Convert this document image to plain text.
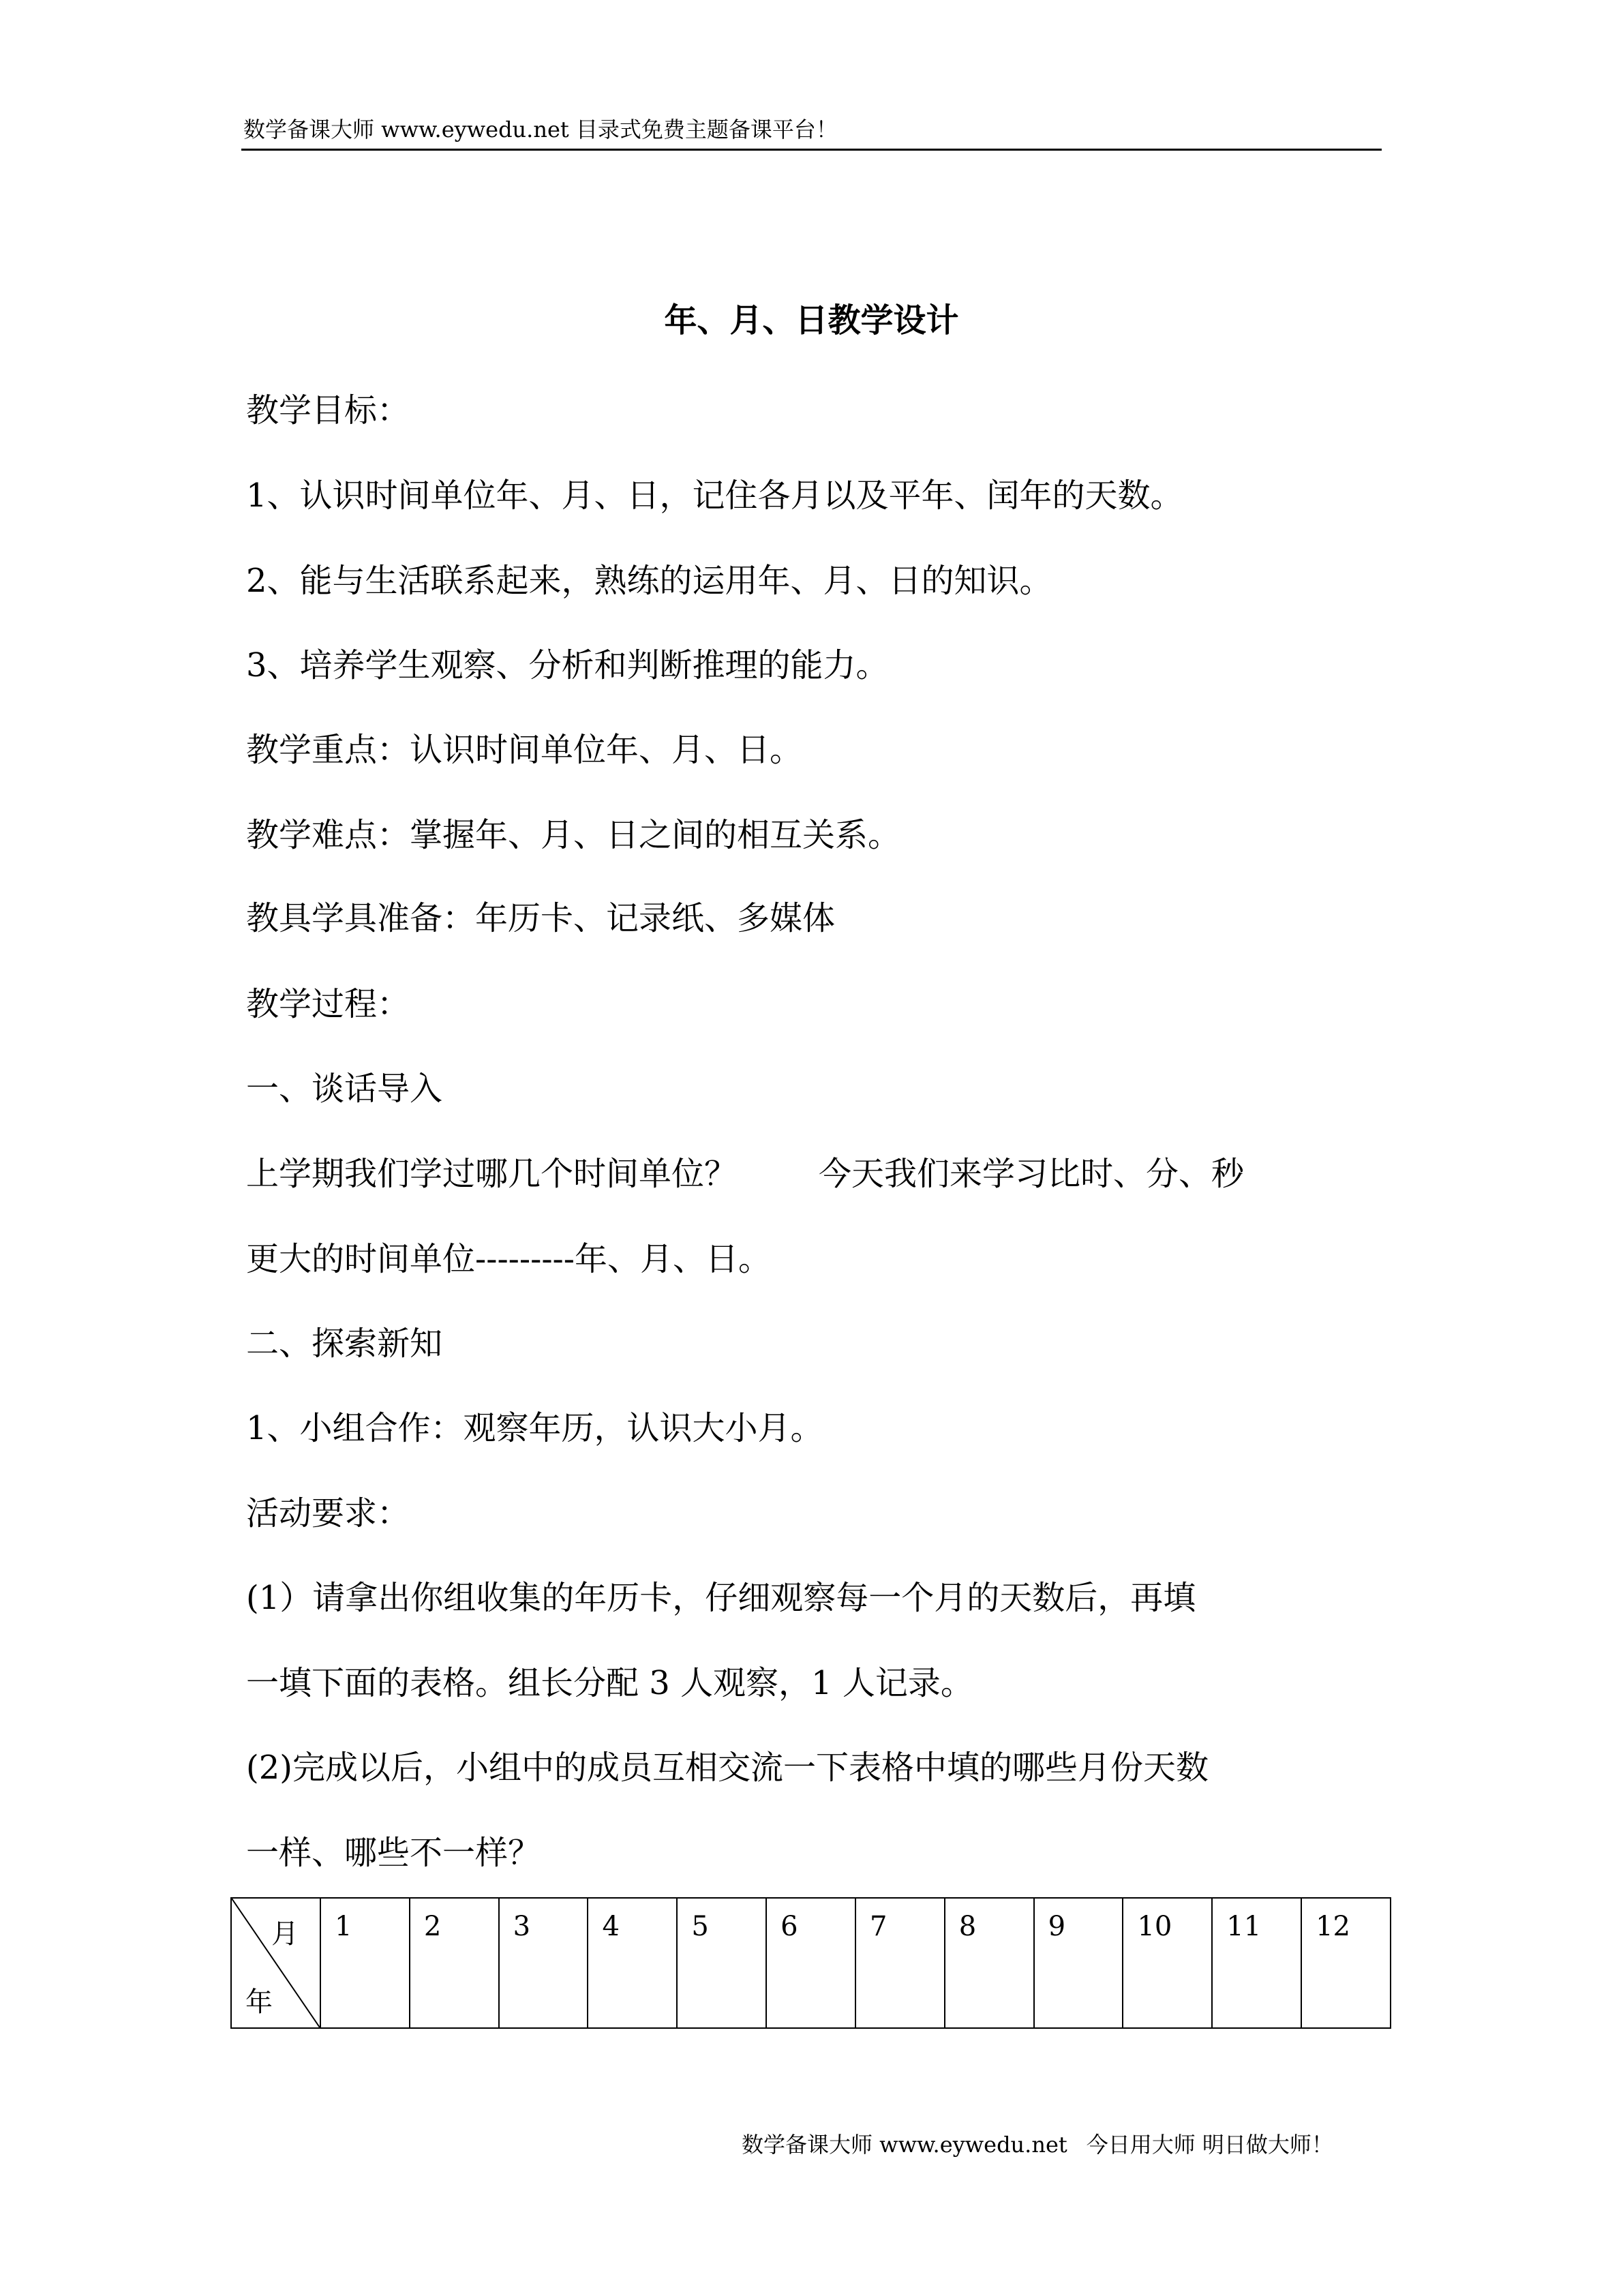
数学备课大师 www.eywedu.net 目录式免费主题备课平台！
年、月、日教学设计
教学目标：
1、认识时间单位年、月、日，记住各月以及平年、闰年的天数。
2、能与生活联系起来，熟练的运用年、月、日的知识。
3、培养学生观察、分析和判断推理的能力。
教学重点：认识时间单位年、月、日。
教学难点：掌握年、月、日之间的相互关系。
教具学具准备：年历卡、记录纸、多媒体
教学过程：
一、谈话导入
上学期我们学过哪几个时间单位？	今天我们来学习比时、分、秒
更大的时间单位---------年、月、日。
二、探索新知
1、小组合作：观察年历，认识大小月。
活动要求：
(1）请拿出你组收集的年历卡，仔细观察每一个月的天数后，再填
一填下面的表格。组长分配 3 人观察，1 人记录。
(2)完成以后，小组中的成员互相交流一下表格中填的哪些月份天数
一样、哪些不一样？
月
年
	1	2	3	4	5	6	7	8	9	10	11	12
数学备课大师 www.eywedu.net 今日用大师 明日做大师！
